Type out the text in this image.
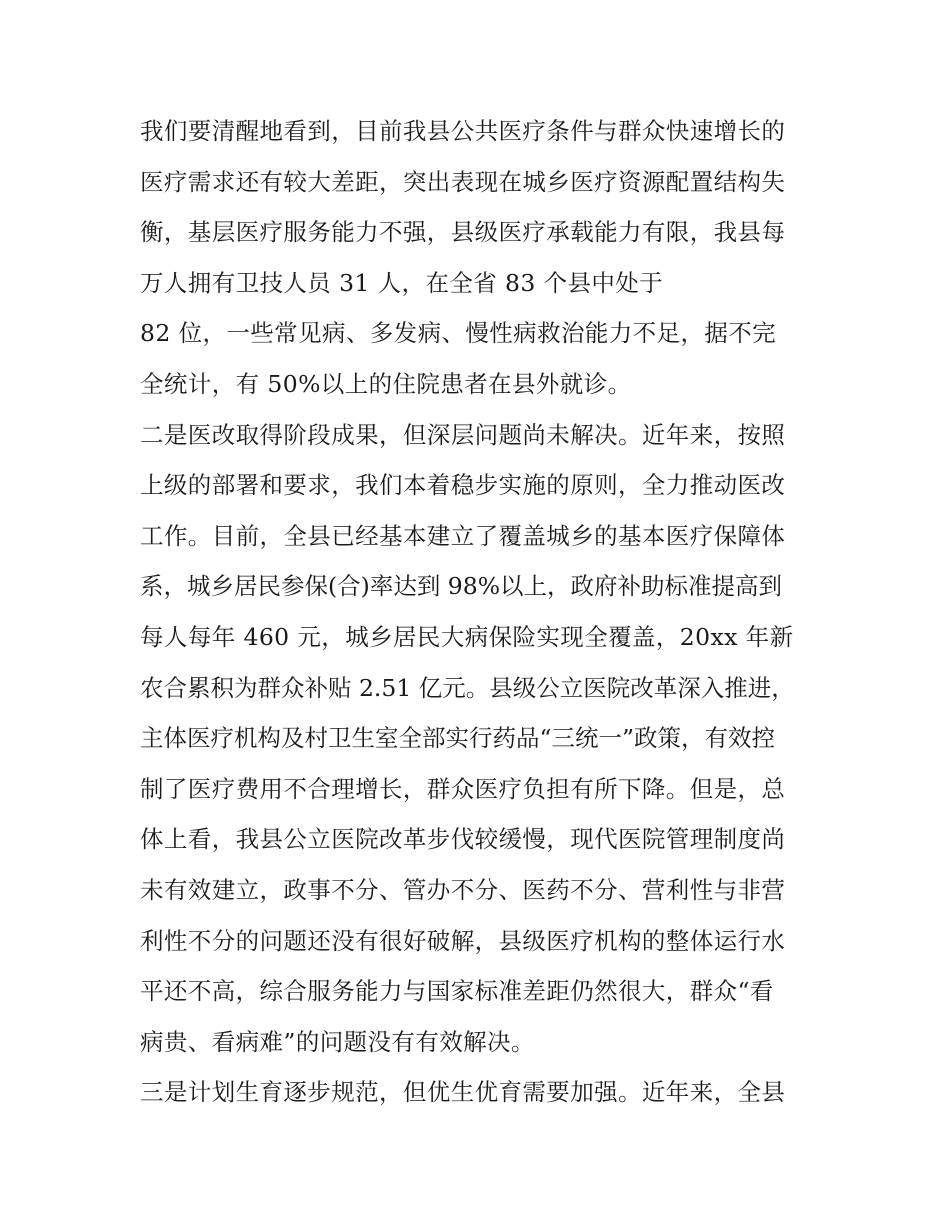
我们要清醒地看到，目前我县公共医疗条件与群众快速增长的
医疗需求还有较大差距，突出表现在城乡医疗资源配置结构失
衡，基层医疗服务能力不强，县级医疗承载能力有限，我县每
万人拥有卫技人员 31 人，在全省 83 个县中处于
82 位，一些常见病、多发病、慢性病救治能力不足，据不完
全统计，有 50%以上的住院患者在县外就诊。
二是医改取得阶段成果，但深层问题尚未解决。近年来，按照
上级的部署和要求，我们本着稳步实施的原则，全力推动医改
工作。目前，全县已经基本建立了覆盖城乡的基本医疗保障体
系，城乡居民参保(合)率达到 98%以上，政府补助标准提高到
每人每年 460 元，城乡居民大病保险实现全覆盖，20xx 年新
农合累积为群众补贴 2.51 亿元。县级公立医院改革深入推进，
主体医疗机构及村卫生室全部实行药品“三统一”政策，有效控
制了医疗费用不合理增长，群众医疗负担有所下降。但是，总
体上看，我县公立医院改革步伐较缓慢，现代医院管理制度尚
未有效建立，政事不分、管办不分、医药不分、营利性与非营
利性不分的问题还没有很好破解，县级医疗机构的整体运行水
平还不高，综合服务能力与国家标准差距仍然很大，群众“看
病贵、看病难”的问题没有有效解决。
三是计划生育逐步规范，但优生优育需要加强。近年来，全县
